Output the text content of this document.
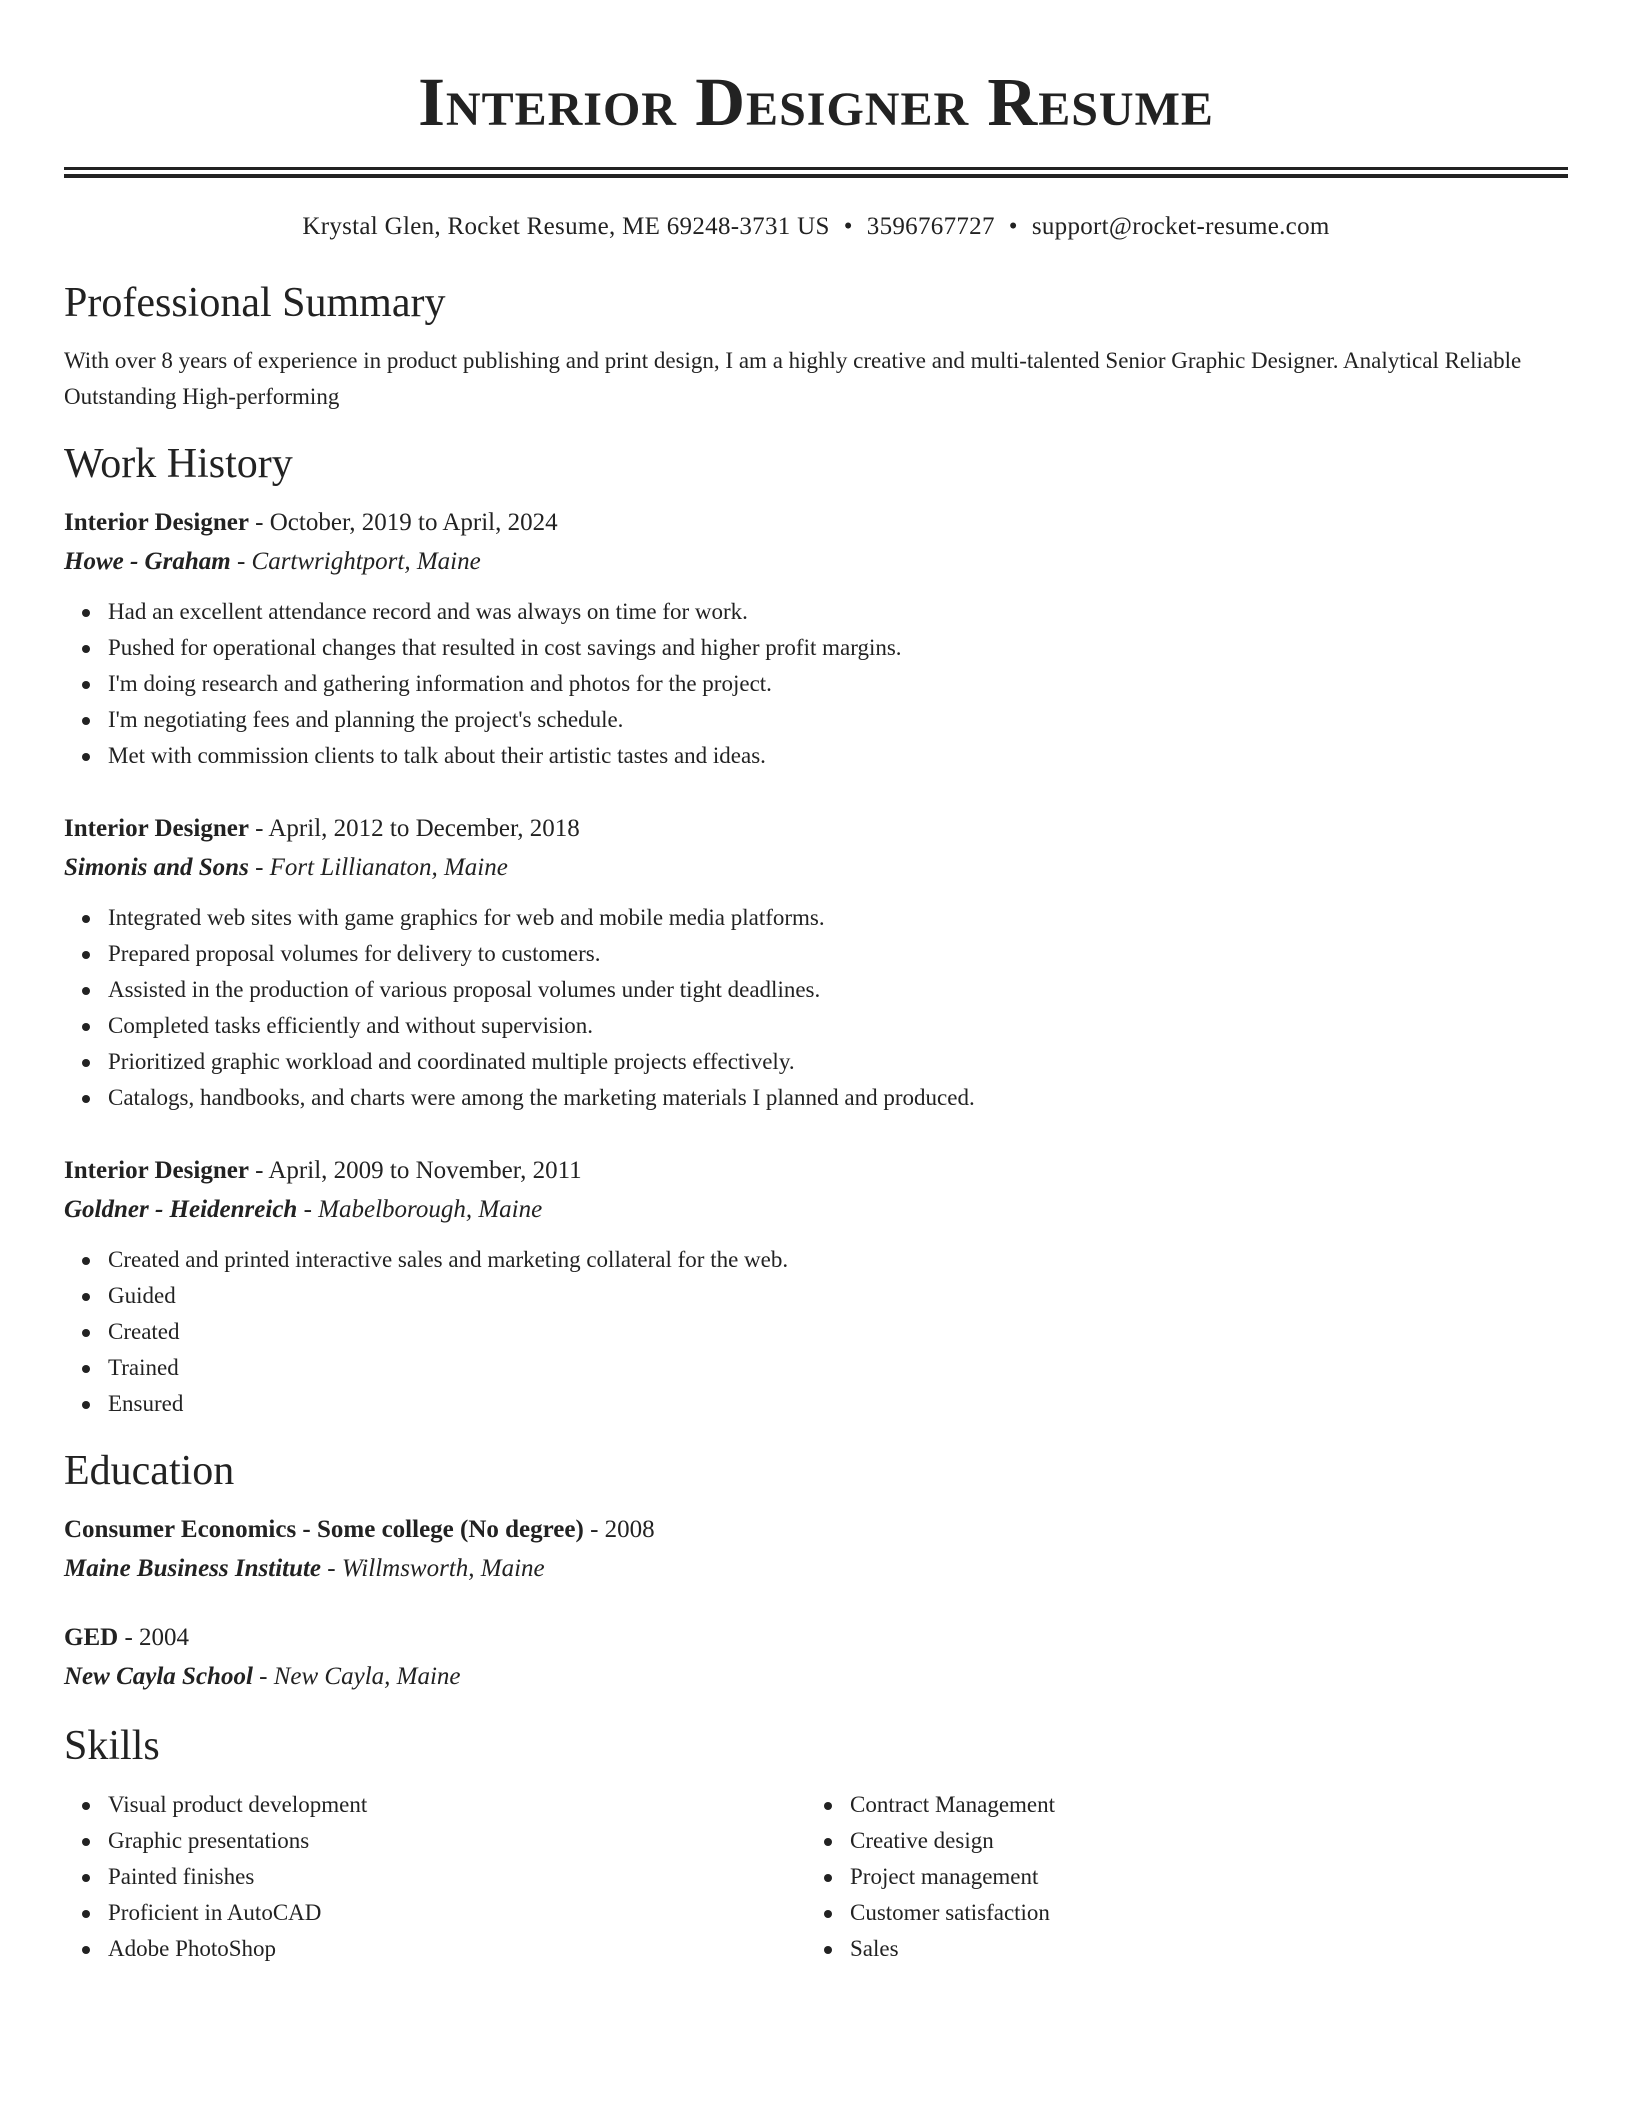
Interior Designer Resume
Krystal Glen, Rocket Resume, ME 69248-3731 US • 3596767727 • support@rocket-resume.com
Professional Summary

With over 8 years of experience in product publishing and print design, I am a highly creative and multi-talented Senior Graphic Designer. Analytical Reliable Outstanding High-performing

Work History
Interior Designer - October, 2019 to April, 2024
Howe - Graham - Cartwrightport, Maine
Had an excellent attendance record and was always on time for work.
Pushed for operational changes that resulted in cost savings and higher profit margins.
I'm doing research and gathering information and photos for the project.
I'm negotiating fees and planning the project's schedule.
Met with commission clients to talk about their artistic tastes and ideas.
Interior Designer - April, 2012 to December, 2018
Simonis and Sons - Fort Lillianaton, Maine
Integrated web sites with game graphics for web and mobile media platforms.
Prepared proposal volumes for delivery to customers.
Assisted in the production of various proposal volumes under tight deadlines.
Completed tasks efficiently and without supervision.
Prioritized graphic workload and coordinated multiple projects effectively.
Catalogs, handbooks, and charts were among the marketing materials I planned and produced.
Interior Designer - April, 2009 to November, 2011
Goldner - Heidenreich - Mabelborough, Maine
Created and printed interactive sales and marketing collateral for the web.
Guided
Created
Trained
Ensured
Education
Consumer Economics - Some college (No degree) - 2008
Maine Business Institute - Willmsworth, Maine
GED - 2004
New Cayla School - New Cayla, Maine
Skills
Visual product development
Graphic presentations
Painted finishes
Proficient in AutoCAD
Adobe PhotoShop
Contract Management
Creative design
Project management
Customer satisfaction
Sales
